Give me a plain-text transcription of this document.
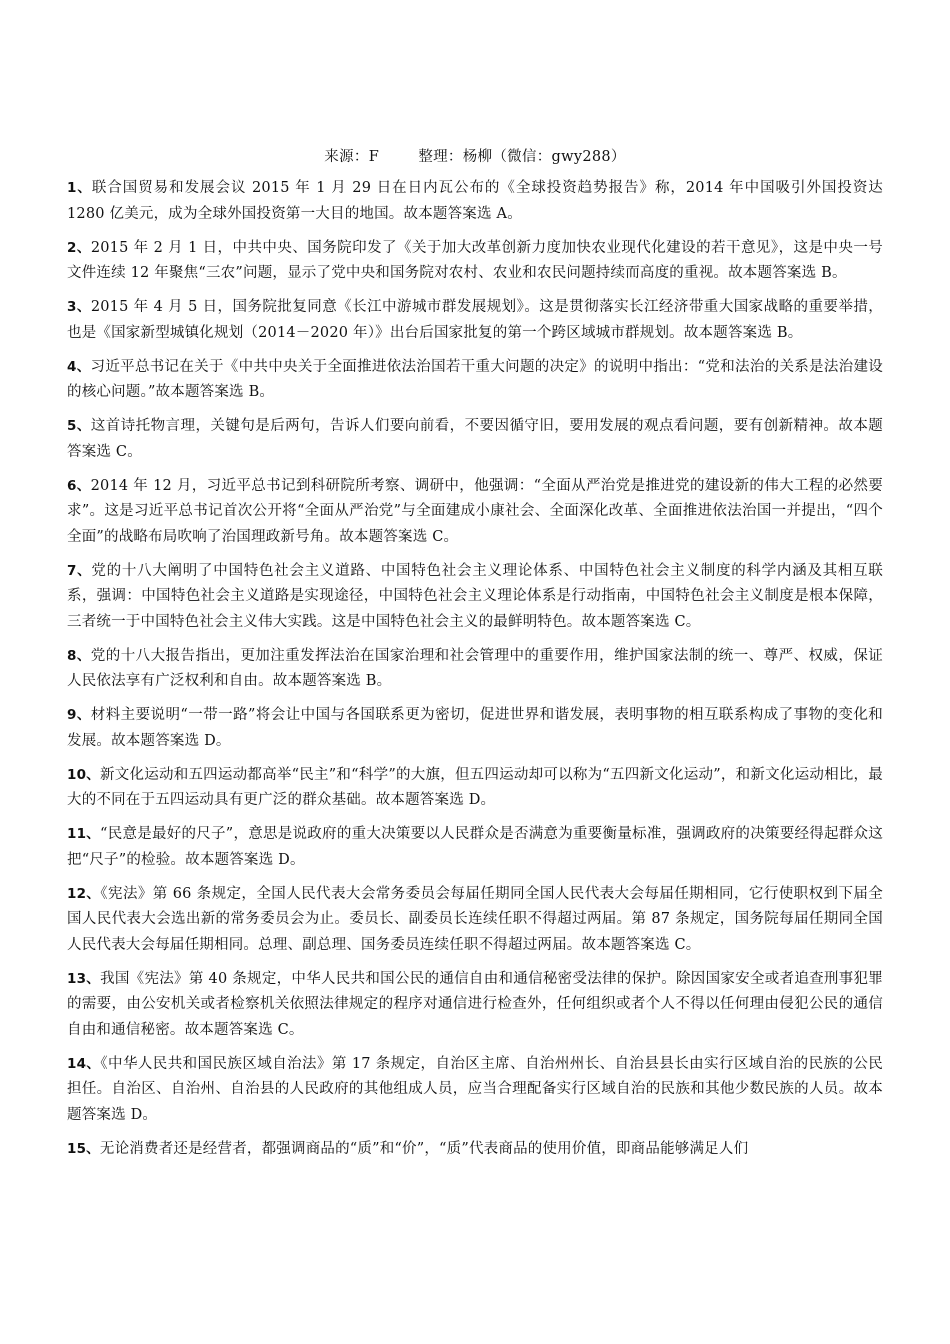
来源：F        整理：杨柳（微信：gwy288）

1、联合国贸易和发展会议 2015 年 1 月 29 日在日内瓦公布的《全球投资趋势报告》称，2014 年中国吸引外国投资达 1280 亿美元，成为全球外国投资第一大目的地国。故本题答案选 A。

2、2015 年 2 月 1 日，中共中央、国务院印发了《关于加大改革创新力度加快农业现代化建设的若干意见》，这是中央一号文件连续 12 年聚焦“三农”问题，显示了党中央和国务院对农村、农业和农民问题持续而高度的重视。故本题答案选 B。

3、2015 年 4 月 5 日，国务院批复同意《长江中游城市群发展规划》。这是贯彻落实长江经济带重大国家战略的重要举措，也是《国家新型城镇化规划（2014－2020 年）》出台后国家批复的第一个跨区域城市群规划。故本题答案选 B。

4、习近平总书记在关于《中共中央关于全面推进依法治国若干重大问题的决定》的说明中指出：“党和法治的关系是法治建设的核心问题。”故本题答案选 B。

5、这首诗托物言理，关键句是后两句，告诉人们要向前看，不要因循守旧，要用发展的观点看问题，要有创新精神。故本题答案选 C。

6、2014 年 12 月，习近平总书记到科研院所考察、调研中，他强调：“全面从严治党是推进党的建设新的伟大工程的必然要求”。这是习近平总书记首次公开将“全面从严治党”与全面建成小康社会、全面深化改革、全面推进依法治国一并提出，“四个全面”的战略布局吹响了治国理政新号角。故本题答案选 C。

7、党的十八大阐明了中国特色社会主义道路、中国特色社会主义理论体系、中国特色社会主义制度的科学内涵及其相互联系，强调：中国特色社会主义道路是实现途径，中国特色社会主义理论体系是行动指南，中国特色社会主义制度是根本保障，三者统一于中国特色社会主义伟大实践。这是中国特色社会主义的最鲜明特色。故本题答案选 C。

8、党的十八大报告指出，更加注重发挥法治在国家治理和社会管理中的重要作用，维护国家法制的统一、尊严、权威，保证人民依法享有广泛权利和自由。故本题答案选 B。

9、材料主要说明“一带一路”将会让中国与各国联系更为密切，促进世界和谐发展，表明事物的相互联系构成了事物的变化和发展。故本题答案选 D。

10、新文化运动和五四运动都高举“民主”和“科学”的大旗，但五四运动却可以称为“五四新文化运动”，和新文化运动相比，最大的不同在于五四运动具有更广泛的群众基础。故本题答案选 D。

11、“民意是最好的尺子”，意思是说政府的重大决策要以人民群众是否满意为重要衡量标准，强调政府的决策要经得起群众这把“尺子”的检验。故本题答案选 D。

12、《宪法》第 66 条规定，全国人民代表大会常务委员会每届任期同全国人民代表大会每届任期相同，它行使职权到下届全国人民代表大会选出新的常务委员会为止。委员长、副委员长连续任职不得超过两届。第 87 条规定，国务院每届任期同全国人民代表大会每届任期相同。总理、副总理、国务委员连续任职不得超过两届。故本题答案选 C。

13、我国《宪法》第 40 条规定，中华人民共和国公民的通信自由和通信秘密受法律的保护。除因国家安全或者追查刑事犯罪的需要，由公安机关或者检察机关依照法律规定的程序对通信进行检查外，任何组织或者个人不得以任何理由侵犯公民的通信自由和通信秘密。故本题答案选 C。

14、《中华人民共和国民族区域自治法》第 17 条规定，自治区主席、自治州州长、自治县县长由实行区域自治的民族的公民担任。自治区、自治州、自治县的人民政府的其他组成人员，应当合理配备实行区域自治的民族和其他少数民族的人员。故本题答案选 D。

15、无论消费者还是经营者，都强调商品的“质”和“价”，“质”代表商品的使用价值，即商品能够满足人们
